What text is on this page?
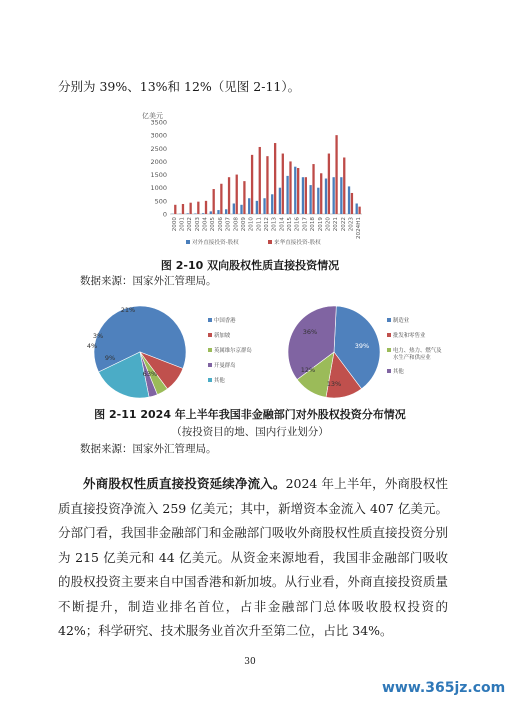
分别为 39%、13%和 12%（见图 2-11）。

亿美元
0
500
1000
1500
2000
2500
3000
3500
2000 2001 2002 2003 2004 2005 2006 2007 2008 2009 2010 2011 2012 2013 2014 2015 2016 2017 2018 2019 2020 2021 2022 2023 2024H1
对外直接投资-股权	来华直接投资-股权

图 2-10 双向股权性质直接投资情况

数据来源：国家外汇管理局。

63%
9%
4%
3%
21%
中国香港
新加坡
英属维尔京群岛
开曼群岛
其他
39%
13%
12%
36%
制造业
批发和零售业
电力、热力、燃气及
水生产和供应业
其他

图 2-11 2024 年上半年我国非金融部门对外股权投资分布情况

（按投资目的地、国内行业划分）

数据来源：国家外汇管理局。

外商股权性质直接投资延续净流入。2024 年上半年，外商股权性质直接投资净流入 259 亿美元；其中，新增资本金流入 407 亿美元。分部门看，我国非金融部门和金融部门吸收外商股权性质直接投资分别为 215 亿美元和 44 亿美元。从资金来源地看，我国非金融部门吸收的股权投资主要来自中国香港和新加坡。从行业看，外商直接投资质量不断提升，制造业排名首位，占非金融部门总体吸收股权投资的 42%；科学研究、技术服务业首次升至第二位，占比 34%。

30

www.365jz.com
